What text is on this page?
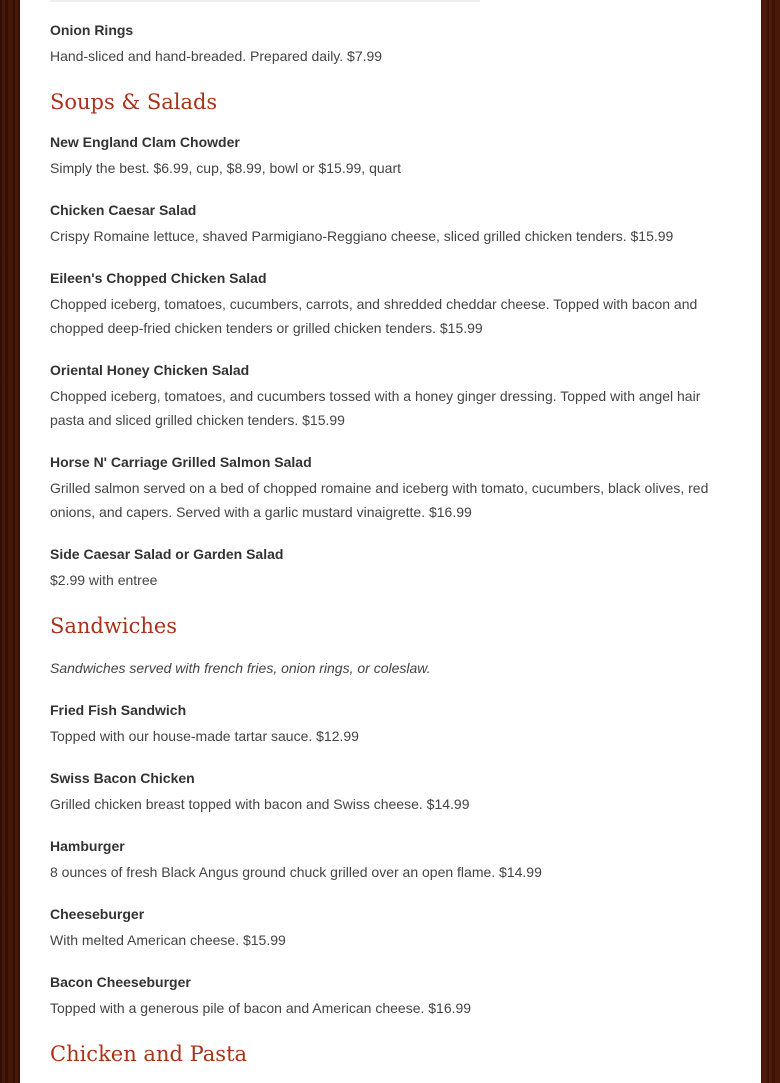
Onion Rings

Hand-sliced and hand-breaded. Prepared daily. $7.99

Soups & Salads

New England Clam Chowder

Simply the best. $6.99, cup, $8.99, bowl or $15.99, quart

Chicken Caesar Salad

Crispy Romaine lettuce, shaved Parmigiano-Reggiano cheese, sliced grilled chicken tenders. $15.99

Eileen's Chopped Chicken Salad

Chopped iceberg, tomatoes, cucumbers, carrots, and shredded cheddar cheese. Topped with bacon and chopped deep-fried chicken tenders or grilled chicken tenders. $15.99

Oriental Honey Chicken Salad

Chopped iceberg, tomatoes, and cucumbers tossed with a honey ginger dressing. Topped with angel hair pasta and sliced grilled chicken tenders. $15.99

Horse N' Carriage Grilled Salmon Salad

Grilled salmon served on a bed of chopped romaine and iceberg with tomato, cucumbers, black olives, red onions, and capers. Served with a garlic mustard vinaigrette. $16.99

Side Caesar Salad or Garden Salad

$2.99 with entree

Sandwiches

Sandwiches served with french fries, onion rings, or coleslaw.

Fried Fish Sandwich

Topped with our house-made tartar sauce. $12.99

Swiss Bacon Chicken

Grilled chicken breast topped with bacon and Swiss cheese. $14.99

Hamburger

8 ounces of fresh Black Angus ground chuck grilled over an open flame. $14.99

Cheeseburger

With melted American cheese. $15.99

Bacon Cheeseburger

Topped with a generous pile of bacon and American cheese. $16.99

Chicken and Pasta
